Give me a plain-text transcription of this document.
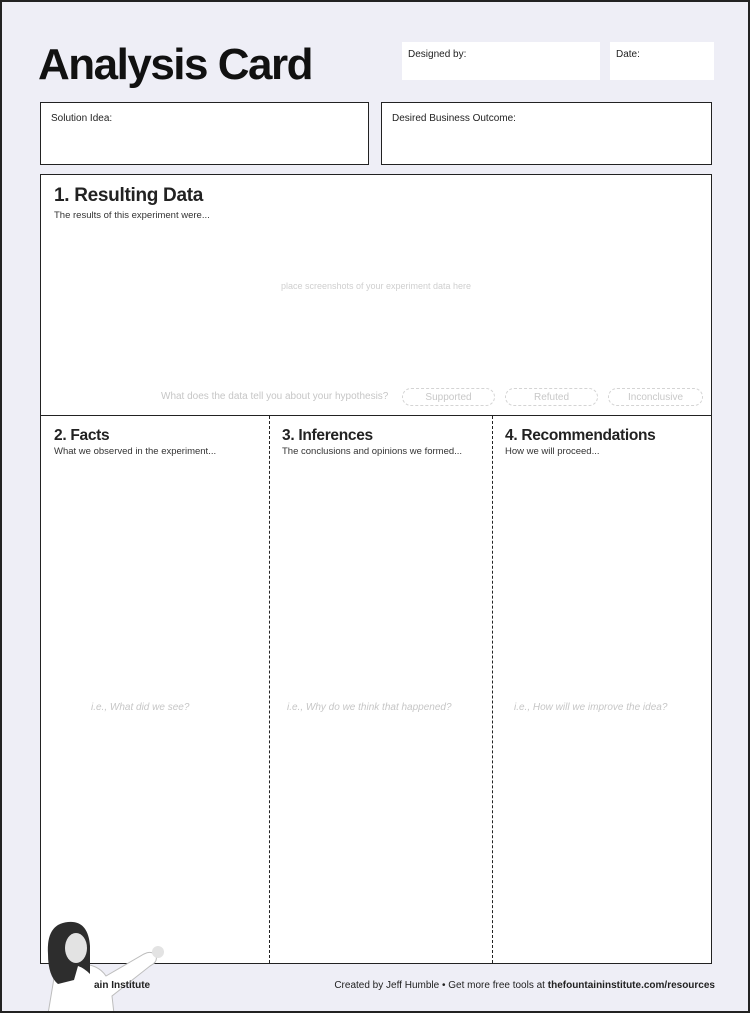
Analysis Card	Designed by:	Date:
Solution Idea:	Desired Business Outcome:
1. Resulting Data
The results of this experiment were...
place screenshots of your experiment data here
What does the data tell you about your hypothesis?	Supported	Refuted	Inconclusive
2. Facts
What we observed in the experiment...
i.e., What did we see?
3. Inferences
The conclusions and opinions we formed...
i.e., Why do we think that happened?
4. Recommendations
How we will proceed...
i.e., How will we improve the idea?
ain Institute	Created by Jeff Humble • Get more free tools at thefountaininstitute.com/resources
